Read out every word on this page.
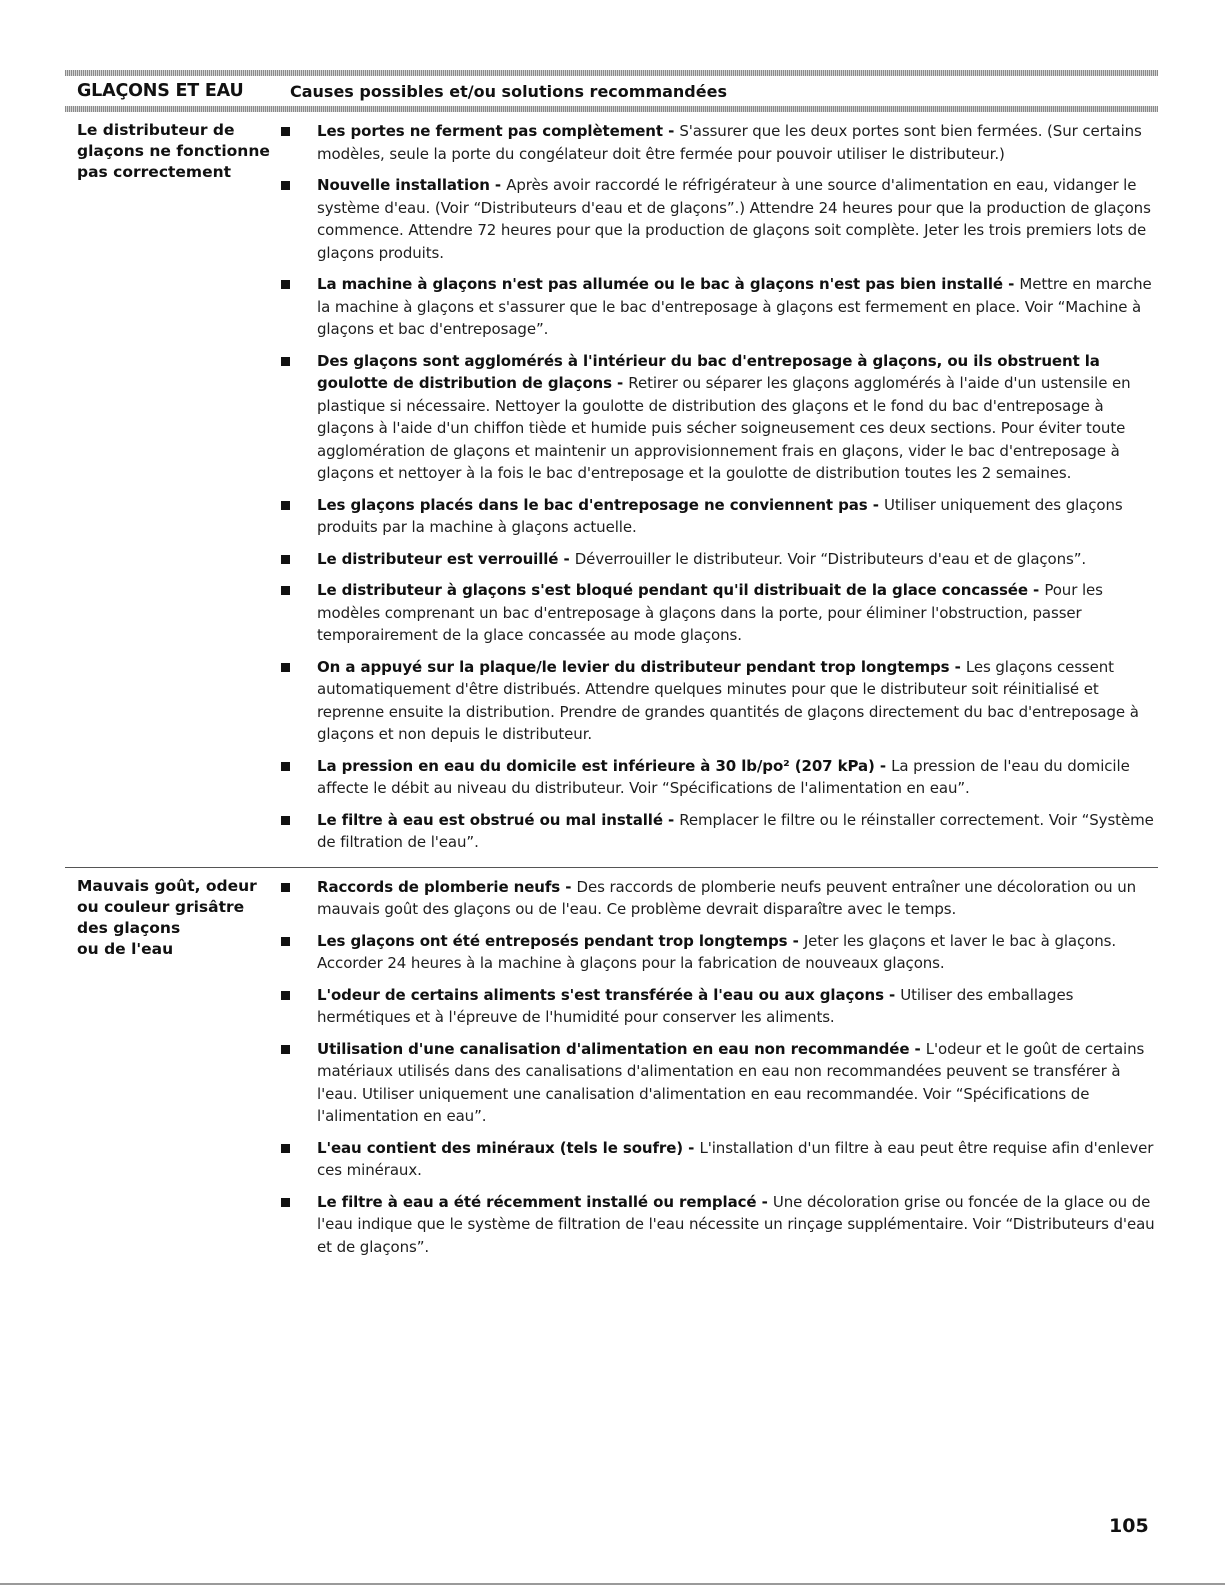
GLAÇONS ET EAU	Causes possibles et/ou solutions recommandées
Le distributeur de
glaçons ne fonctionne
pas correctement
Les portes ne ferment pas complètement - S'assurer que les deux portes sont bien fermées. (Sur certains modèles, seule la porte du congélateur doit être fermée pour pouvoir utiliser le distributeur.)
Nouvelle installation - Après avoir raccordé le réfrigérateur à une source d'alimentation en eau, vidanger le système d'eau. (Voir “Distributeurs d'eau et de glaçons”.) Attendre 24 heures pour que la production de glaçons commence. Attendre 72 heures pour que la production de glaçons soit complète. Jeter les trois premiers lots de glaçons produits.
La machine à glaçons n'est pas allumée ou le bac à glaçons n'est pas bien installé - Mettre en marche la machine à glaçons et s'assurer que le bac d'entreposage à glaçons est fermement en place. Voir “Machine à glaçons et bac d'entreposage”.
Des glaçons sont agglomérés à l'intérieur du bac d'entreposage à glaçons, ou ils obstruent la goulotte de distribution de glaçons - Retirer ou séparer les glaçons agglomérés à l'aide d'un ustensile en plastique si nécessaire. Nettoyer la goulotte de distribution des glaçons et le fond du bac d'entreposage à glaçons à l'aide d'un chiffon tiède et humide puis sécher soigneusement ces deux sections. Pour éviter toute agglomération de glaçons et maintenir un approvisionnement frais en glaçons, vider le bac d'entreposage à glaçons et nettoyer à la fois le bac d'entreposage et la goulotte de distribution toutes les 2 semaines.
Les glaçons placés dans le bac d'entreposage ne conviennent pas - Utiliser uniquement des glaçons produits par la machine à glaçons actuelle.
Le distributeur est verrouillé - Déverrouiller le distributeur. Voir “Distributeurs d'eau et de glaçons”.
Le distributeur à glaçons s'est bloqué pendant qu'il distribuait de la glace concassée - Pour les modèles comprenant un bac d'entreposage à glaçons dans la porte, pour éliminer l'obstruction, passer temporairement de la glace concassée au mode glaçons.
On a appuyé sur la plaque/le levier du distributeur pendant trop longtemps - Les glaçons cessent automatiquement d'être distribués. Attendre quelques minutes pour que le distributeur soit réinitialisé et reprenne ensuite la distribution. Prendre de grandes quantités de glaçons directement du bac d'entreposage à glaçons et non depuis le distributeur.
La pression en eau du domicile est inférieure à 30 lb/po² (207 kPa) - La pression de l'eau du domicile affecte le débit au niveau du distributeur. Voir “Spécifications de l'alimentation en eau”.
Le filtre à eau est obstrué ou mal installé - Remplacer le filtre ou le réinstaller correctement. Voir “Système de filtration de l'eau”.
Mauvais goût, odeur
ou couleur grisâtre
des glaçons
ou de l'eau
Raccords de plomberie neufs - Des raccords de plomberie neufs peuvent entraîner une décoloration ou un mauvais goût des glaçons ou de l'eau. Ce problème devrait disparaître avec le temps.
Les glaçons ont été entreposés pendant trop longtemps - Jeter les glaçons et laver le bac à glaçons. Accorder 24 heures à la machine à glaçons pour la fabrication de nouveaux glaçons.
L'odeur de certains aliments s'est transférée à l'eau ou aux glaçons - Utiliser des emballages hermétiques et à l'épreuve de l'humidité pour conserver les aliments.
Utilisation d'une canalisation d'alimentation en eau non recommandée - L'odeur et le goût de certains matériaux utilisés dans des canalisations d'alimentation en eau non recommandées peuvent se transférer à l'eau. Utiliser uniquement une canalisation d'alimentation en eau recommandée. Voir “Spécifications de l'alimentation en eau”.
L'eau contient des minéraux (tels le soufre) - L'installation d'un filtre à eau peut être requise afin d'enlever ces minéraux.
Le filtre à eau a été récemment installé ou remplacé - Une décoloration grise ou foncée de la glace ou de l'eau indique que le système de filtration de l'eau nécessite un rinçage supplémentaire. Voir “Distributeurs d'eau et de glaçons”.
105
